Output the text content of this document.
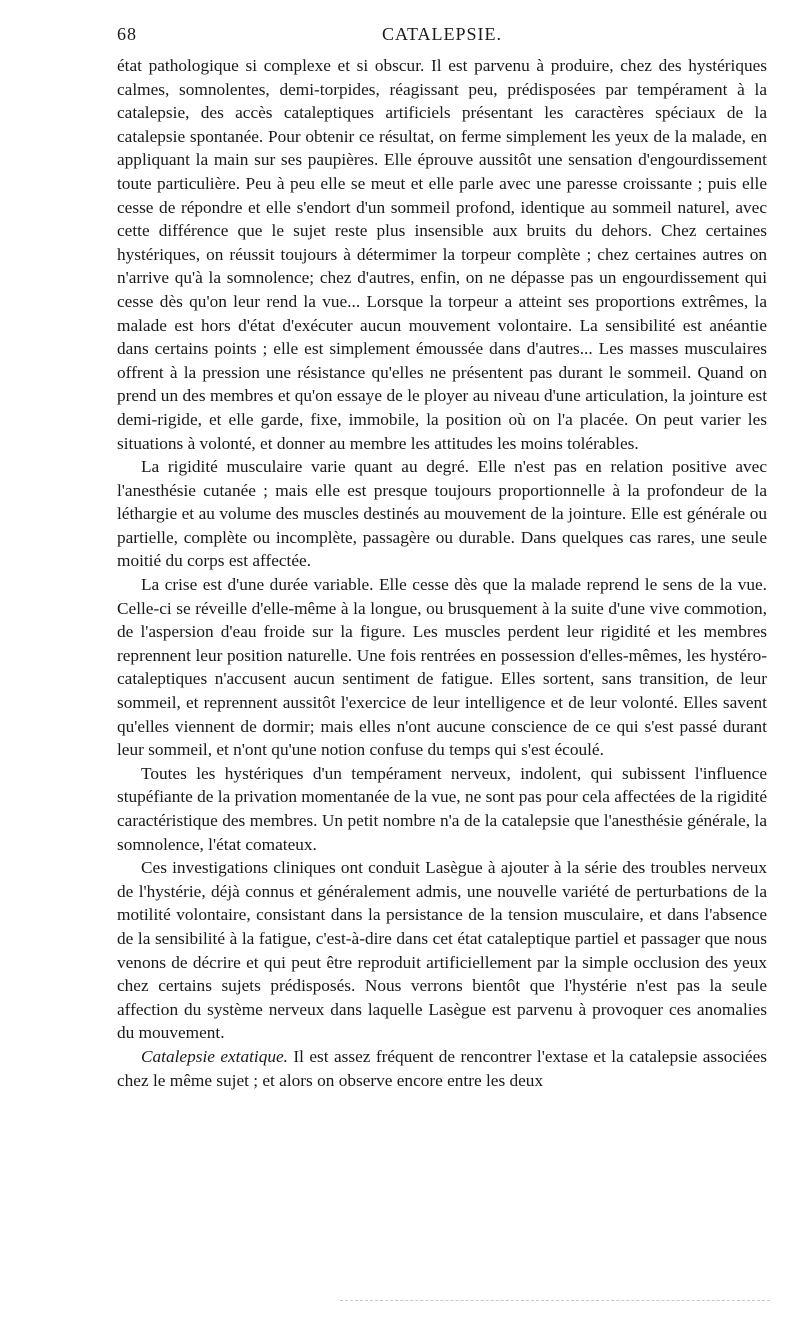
68	CATALEPSIE.

état pathologique si complexe et si obscur. Il est parvenu à produire, chez des hystériques calmes, somnolentes, demi-torpides, réagissant peu, prédisposées par tempérament à la catalepsie, des accès cataleptiques artificiels présentant les caractères spéciaux de la catalepsie spontanée. Pour obtenir ce résultat, on ferme simplement les yeux de la malade, en appliquant la main sur ses paupières. Elle éprouve aussitôt une sensation d'engourdissement toute particulière. Peu à peu elle se meut et elle parle avec une paresse croissante ; puis elle cesse de répondre et elle s'endort d'un sommeil profond, identique au sommeil naturel, avec cette différence que le sujet reste plus insensible aux bruits du dehors. Chez certaines hystériques, on réussit toujours à détermimer la torpeur complète ; chez certaines autres on n'arrive qu'à la somnolence; chez d'autres, enfin, on ne dépasse pas un engourdissement qui cesse dès qu'on leur rend la vue... Lorsque la torpeur a atteint ses proportions extrêmes, la malade est hors d'état d'exécuter aucun mouvement volontaire. La sensibilité est anéantie dans certains points ; elle est simplement émoussée dans d'autres... Les masses musculaires offrent à la pression une résistance qu'elles ne présentent pas durant le sommeil. Quand on prend un des membres et qu'on essaye de le ployer au niveau d'une articulation, la jointure est demi-rigide, et elle garde, fixe, immobile, la position où on l'a placée. On peut varier les situations à volonté, et donner au membre les attitudes les moins tolérables.

La rigidité musculaire varie quant au degré. Elle n'est pas en relation positive avec l'anesthésie cutanée ; mais elle est presque toujours proportionnelle à la profondeur de la léthargie et au volume des muscles destinés au mouvement de la jointure. Elle est générale ou partielle, complète ou incomplète, passagère ou durable. Dans quelques cas rares, une seule moitié du corps est affectée.

La crise est d'une durée variable. Elle cesse dès que la malade reprend le sens de la vue. Celle-ci se réveille d'elle-même à la longue, ou brusquement à la suite d'une vive commotion, de l'aspersion d'eau froide sur la figure. Les muscles perdent leur rigidité et les membres reprennent leur position naturelle. Une fois rentrées en possession d'elles-mêmes, les hystéro-cataleptiques n'accusent aucun sentiment de fatigue. Elles sortent, sans transition, de leur sommeil, et reprennent aussitôt l'exercice de leur intelligence et de leur volonté. Elles savent qu'elles viennent de dormir; mais elles n'ont aucune conscience de ce qui s'est passé durant leur sommeil, et n'ont qu'une notion confuse du temps qui s'est écoulé.

Toutes les hystériques d'un tempérament nerveux, indolent, qui subissent l'influence stupéfiante de la privation momentanée de la vue, ne sont pas pour cela affectées de la rigidité caractéristique des membres. Un petit nombre n'a de la catalepsie que l'anesthésie générale, la somnolence, l'état comateux.

Ces investigations cliniques ont conduit Lasègue à ajouter à la série des troubles nerveux de l'hystérie, déjà connus et généralement admis, une nouvelle variété de perturbations de la motilité volontaire, consistant dans la persistance de la tension musculaire, et dans l'absence de la sensibilité à la fatigue, c'est-à-dire dans cet état cataleptique partiel et passager que nous venons de décrire et qui peut être reproduit artificiellement par la simple occlusion des yeux chez certains sujets prédisposés. Nous verrons bientôt que l'hystérie n'est pas la seule affection du système nerveux dans laquelle Lasègue est parvenu à provoquer ces anomalies du mouvement.

Catalepsie extatique. Il est assez fréquent de rencontrer l'extase et la catalepsie associées chez le même sujet ; et alors on observe encore entre les deux
